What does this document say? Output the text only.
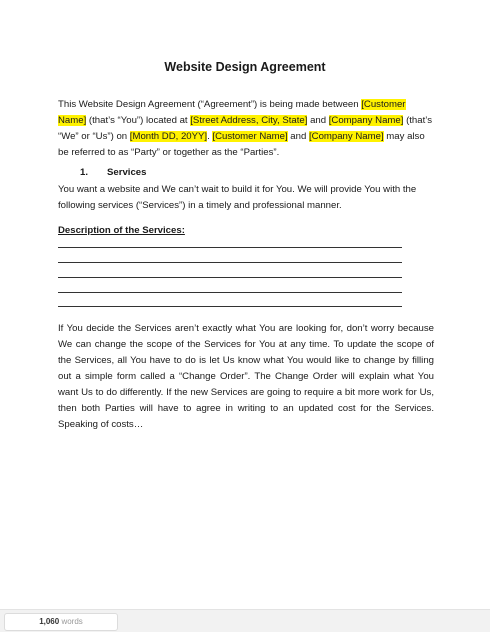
Website Design Agreement
This Website Design Agreement (“Agreement”) is being made between [Customer Name] (that’s “You”) located at [Street Address, City, State] and [Company Name] (that’s “We” or “Us”) on [Month DD, 20YY]. [Customer Name] and [Company Name] may also be referred to as “Party” or together as the “Parties”.
1. Services
You want a website and We can’t wait to build it for You. We will provide You with the following services (“Services”) in a timely and professional manner.
Description of the Services:
If You decide the Services aren’t exactly what You are looking for, don’t worry because We can change the scope of the Services for You at any time. To update the scope of the Services, all You have to do is let Us know what You would like to change by filling out a simple form called a “Change Order”. The Change Order will explain what You want Us to do differently. If the new Services are going to require a bit more work for Us, then both Parties will have to agree in writing to an updated cost for the Services. Speaking of costs…
1,060 words
